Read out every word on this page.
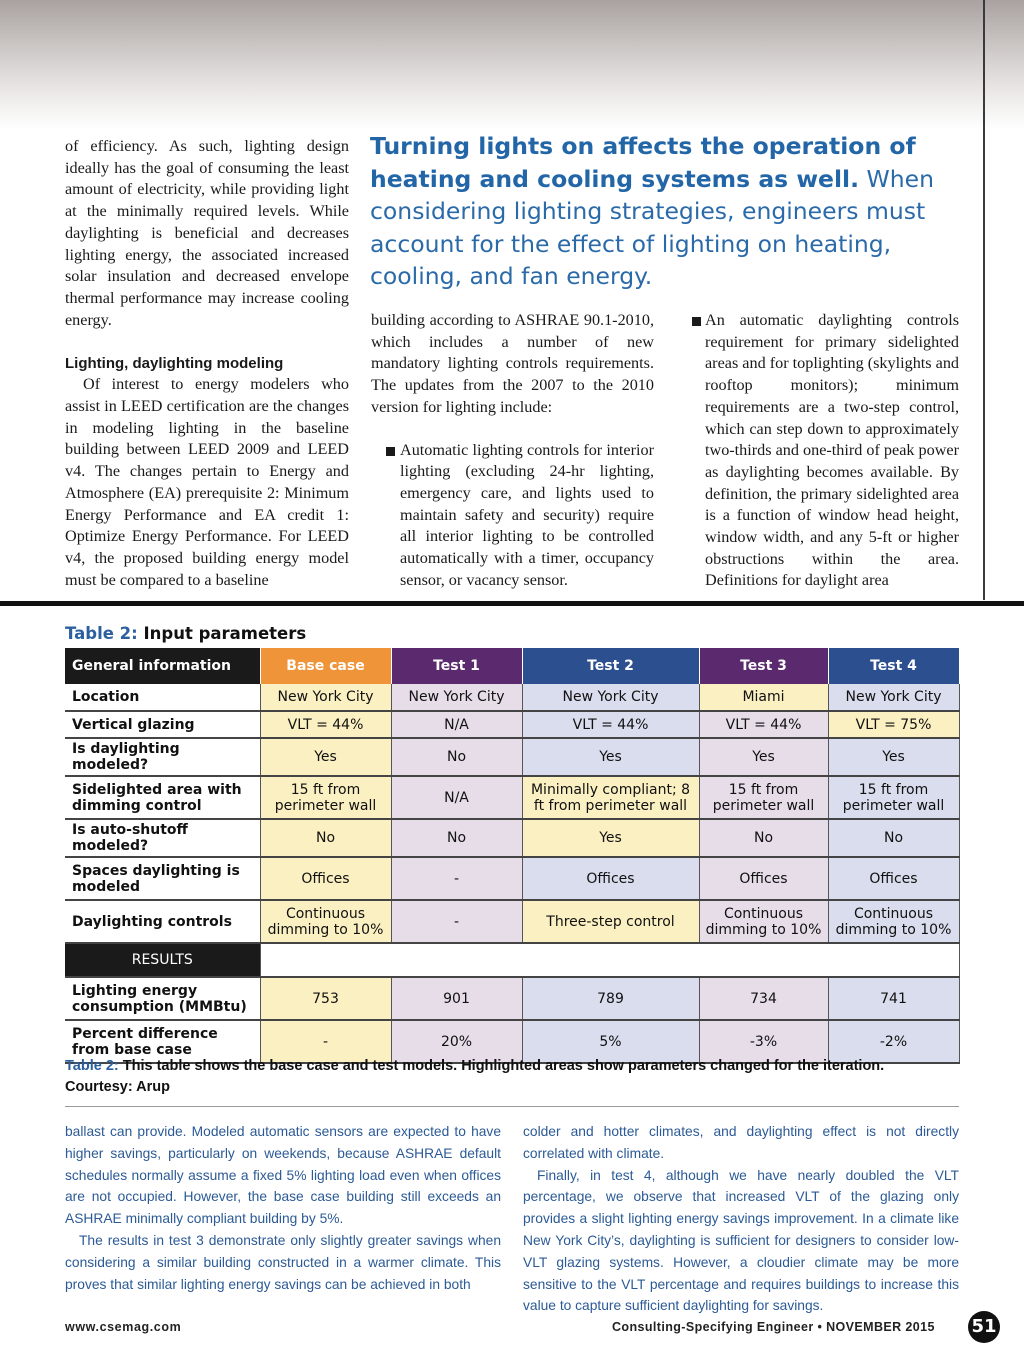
of efficiency. As such, lighting design ideally has the goal of consuming the least amount of electricity, while providing light at the minimally required levels. While daylighting is beneficial and decreases lighting energy, the associated increased solar insulation and decreased envelope thermal performance may increase cooling energy.

Lighting, daylighting modeling

Of interest to energy modelers who assist in LEED certification are the changes in modeling lighting in the baseline building between LEED 2009 and LEED v4. The changes pertain to Energy and Atmosphere (EA) prerequisite 2: Minimum Energy Performance and EA credit 1: Optimize Energy Performance. For LEED v4, the proposed building energy model must be compared to a baseline

Turning lights on affects the operation of heating and cooling systems as well. When considering lighting strategies, engineers must account for the effect of lighting on heating, cooling, and fan energy.

building according to ASHRAE 90.1-2010, which includes a number of new mandatory lighting controls requirements. The updates from the 2007 to the 2010 version for lighting include:

Automatic lighting controls for interior lighting (excluding 24-hr lighting, emergency care, and lights used to maintain safety and security) require all interior lighting to be controlled automatically with a timer, occupancy sensor, or vacancy sensor.
An automatic daylighting controls requirement for primary sidelighted areas and for toplighting (skylights and rooftop monitors); minimum requirements are a two-step control, which can step down to approximately two-thirds and one-third of peak power as daylighting becomes available. By definition, the primary sidelighted area is a function of window head height, window width, and any 5-ft or higher obstructions within the area. Definitions for daylight area
Table 2: Input parameters
General information	Base case	Test 1	Test 2	Test 3	Test 4
Location	New York City	New York City	New York City	Miami	New York City
Vertical glazing	VLT = 44%	N/A	VLT = 44%	VLT = 44%	VLT = 75%
Is daylighting modeled?	Yes	No	Yes	Yes	Yes
Sidelighted area with dimming control	15 ft from perimeter wall	N/A	Minimally compliant; 8 ft from perimeter wall	15 ft from perimeter wall	15 ft from perimeter wall
Is auto-shutoff modeled?	No	No	Yes	No	No
Spaces daylighting is modeled	Offices	-	Offices	Offices	Offices
Daylighting controls	Continuous dimming to 10%	-	Three-step control	Continuous dimming to 10%	Continuous dimming to 10%
RESULTS					
Lighting energy consumption (MMBtu)	753	901	789	734	741
Percent difference from base case	-	20%	5%	-3%	-2%
Table 2: This table shows the base case and test models. Highlighted areas show parameters changed for the iteration.
Courtesy: Arup

ballast can provide. Modeled automatic sensors are expected to have higher savings, particularly on weekends, because ASHRAE default schedules normally assume a fixed 5% lighting load even when offices are not occupied. However, the base case building still exceeds an ASHRAE minimally compliant building by 5%.

The results in test 3 demonstrate only slightly greater savings when considering a similar building constructed in a warmer climate. This proves that similar lighting energy savings can be achieved in both

colder and hotter climates, and daylighting effect is not directly correlated with climate.

Finally, in test 4, although we have nearly doubled the VLT percentage, we observe that increased VLT of the glazing only provides a slight lighting energy savings improvement. In a climate like New York City’s, daylighting is sufficient for designers to consider low-VLT glazing systems. However, a cloudier climate may be more sensitive to the VLT percentage and requires buildings to increase this value to capture sufficient daylighting for savings.

www.csemag.com	Consulting-Specifying Engineer • NOVEMBER 2015 51
